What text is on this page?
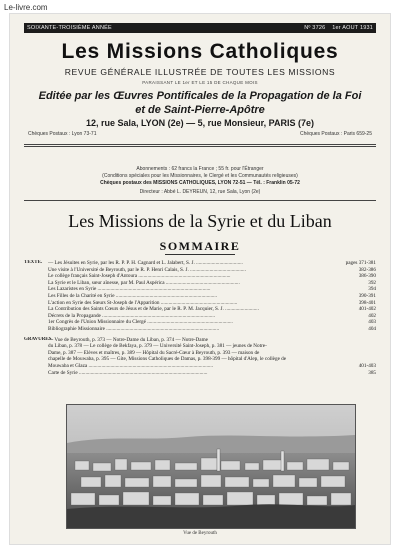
Le-livre.com
SOIXANTE-TROISIÈME ANNÉE	Nº 3726 1er AOUT 1931
Les Missions Catholiques
REVUE GÉNÉRALE ILLUSTRÉE DE TOUTES LES MISSIONS
PARAISSANT LE 1er ET LE 15 DE CHAQUE MOIS
Editée par les Œuvres Pontificales de la Propagation de la Foi
et de Saint-Pierre-Apôtre
12, rue Sala, LYON (2e) — 5, rue Monsieur, PARIS (7e)
Chèques Postaux : Lyon 73-71	Chèques Postaux : Paris 659-25
Abonnements : 62 francs la France ; 55 fr. pour l'Étranger
(Conditions spéciales pour les Missionnaires, le Clergé et les Communautés religieuses)
Chèques postaux des MISSIONS CATHOLIQUES, LYON 72-51 — Tél. : Franklin 05-72
Directeur : Abbé L. DEYREUN, 12, rue Sala, Lyon (2e)
Les Missions de la Syrie et du Liban
SOMMAIRE
TEXTE.	— Les Jésuites en Syrie, par les R. P. P. H. Cagnard et L. Jalabert, S. J. ....................................	pages 371-381
Une visite à l'Université de Beyrouth, par le R. P. Henri Calais, S. J. ...........................................	382-386
Le collège français Saint-Joseph d'Antoura .......................................................................	386-390
La Syrie et le Liban, sœur aînesse, par M. Paul Aspérica .........................................................	392
Les Lazaristes en Syrie .......................................................................................	394
Les Filles de la Charité en Syrie ..............................................................................	390-391
L'action en Syrie des Sœurs St-Joseph de l'Apparition ...........................................................	398-401
La Contribution des Saints Cœurs de Jésus et de Marie, par le R. P. M. Jacquier, S. J. ..........................	401-402
Décrets de la Propagande .......................................................................................	402
1er Congrès de l'Union Missionnaire du Clergé ..................................................................	403
Bibliographie Missionnaire .......................................................................................	404
GRAVURES.
— Vue de Beyrouth, p. 373 — Notre-Dame du Liban, p. 374 — Notre-Dame
du Liban, p. 378 — Le collège de Bekfaya, p. 379 — Université Saint-Joseph, p. 381 — jeunes de Notre-
Dame, p. 387 — Élèves et maîtres, p. 389 — Hôpital du Sacré-Cœur à Beyrouth, p. 393 — maison de
chapelle de Mouwaba, p. 395 — Gite, Missions Catholiques de Damas, p. 398-399 — hôpital d'Alep, le collège de
Mouwaba et Glaza ................................................................................................	401-403
Carte de Syrie ...................................................................................................	385
Vue de Beyrouth
